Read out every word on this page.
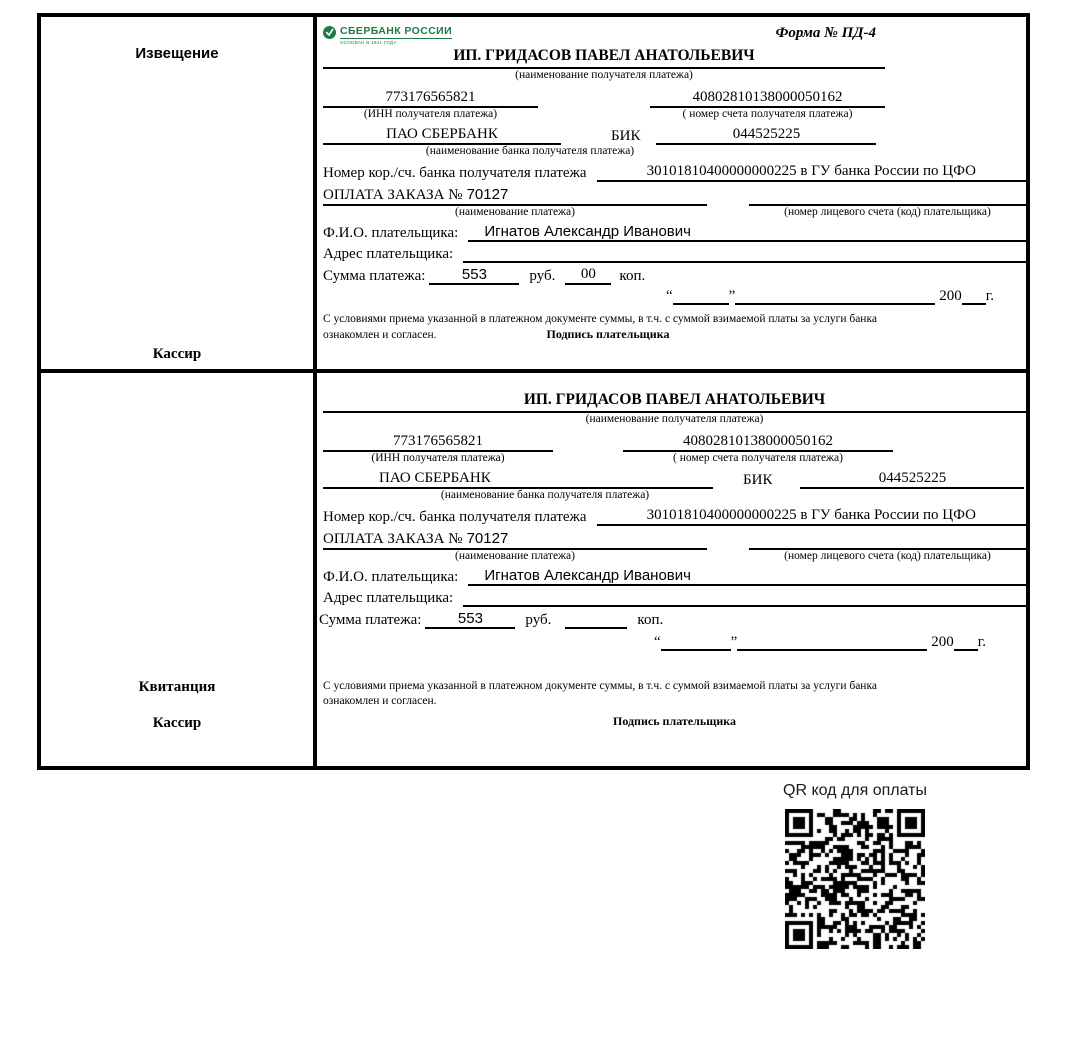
Извещение
Кассир
СБЕРБАНК РОССИИ
ОСНОВАН В 1841 ГОДУ
Форма № ПД-4
ИП. ГРИДАСОВ ПАВЕЛ АНАТОЛЬЕВИЧ
(наименование получателя платежа)
773176565821	40802810138000050162
(ИНН получателя платежа)	( номер счета получателя платежа)
ПАО СБЕРБАНК	БИК	044525225
(наименование банка получателя платежа)
Номер кор./сч. банка получателя платежа	30101810400000000225 в ГУ банка России по ЦФО
ОПЛАТА ЗАКАЗА № 70127
(наименование платежа)	(номер лицевого счета (код) плательщика)
Ф.И.О. плательщика:	Игнатов Александр Иванович
Адрес плательщика:
Сумма платежа:	553	руб.	00	коп.
“	”	200 г.
С условиями приема указанной в платежном документе суммы, в т.ч. с суммой взимаемой платы за услуги банка
ознакомлен и согласен.	Подпись плательщика
Квитанция
Кассир
ИП. ГРИДАСОВ ПАВЕЛ АНАТОЛЬЕВИЧ
(наименование получателя платежа)
773176565821	40802810138000050162
(ИНН получателя платежа)	( номер счета получателя платежа)
ПАО СБЕРБАНК	БИК	044525225
(наименование банка получателя платежа)
Номер кор./сч. банка получателя платежа	30101810400000000225 в ГУ банка России по ЦФО
ОПЛАТА ЗАКАЗА № 70127
(наименование платежа)	(номер лицевого счета (код) плательщика)
Ф.И.О. плательщика:	Игнатов Александр Иванович
Адрес плательщика:
Сумма платежа:	553	руб.	коп.
“	”	200 г.
С условиями приема указанной в платежном документе суммы, в т.ч. с суммой взимаемой платы за услуги банка
ознакомлен и согласен.
Подпись плательщика
QR код для оплаты
